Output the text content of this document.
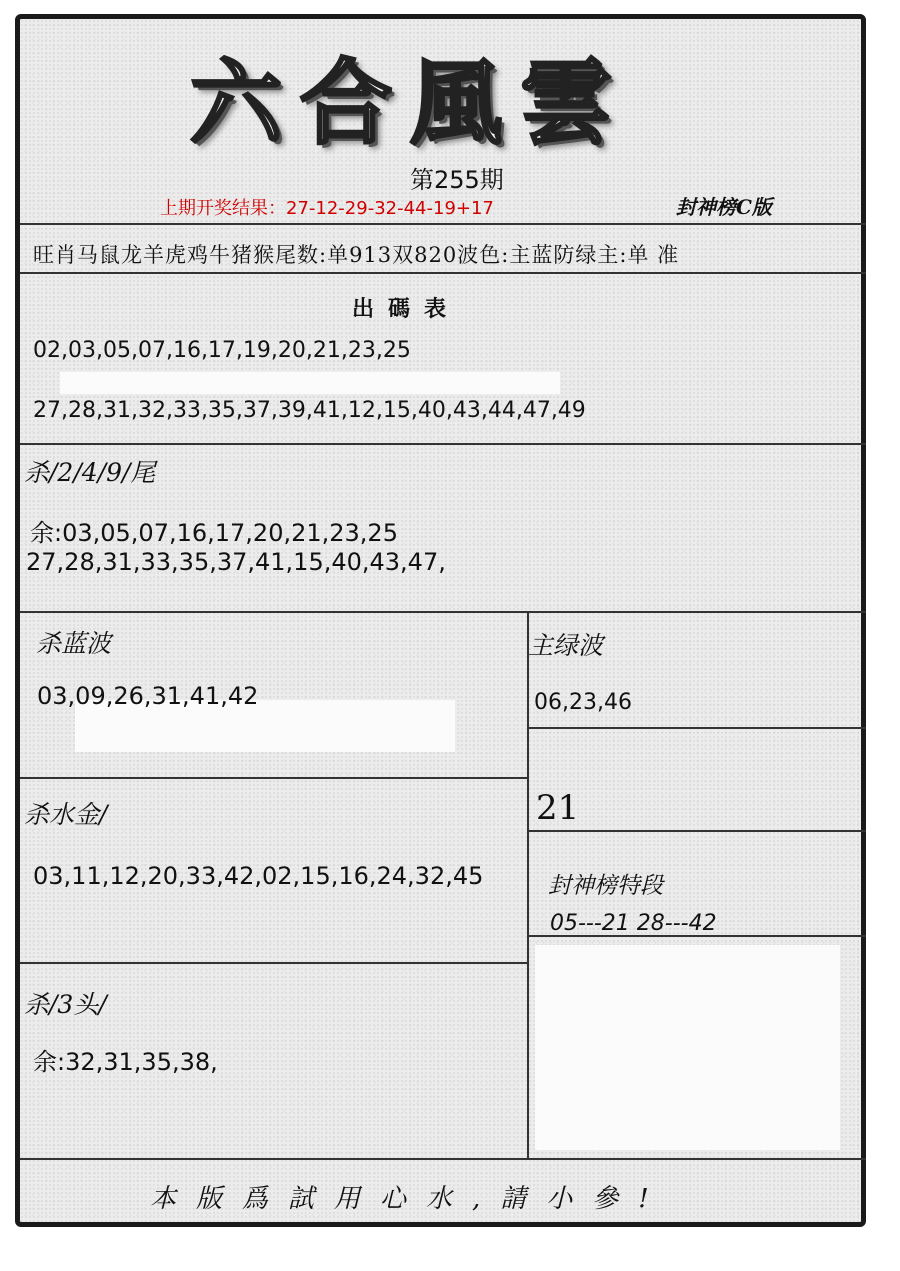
六合風雲
第255期
上期开奖结果：27-12-29-32-44-19+17	封神榜C版
旺肖马鼠龙羊虎鸡牛猪猴尾数:单913双820波色:主蓝防绿主:单 准
出碼表
02,03,05,07,16,17,19,20,21,23,25
27,28,31,32,33,35,37,39,41,12,15,40,43,44,47,49
杀/2/4/9/尾
余:03,05,07,16,17,20,21,23,25
27,28,31,33,35,37,41,15,40,43,47,
杀蓝波
03,09,26,31,41,42
主绿波
06,23,46
21
杀水金/
03,11,12,20,33,42,02,15,16,24,32,45	封神榜特段
05---21 28---42
杀/3头/
余:32,31,35,38,
本版爲試用心水,請小參!
